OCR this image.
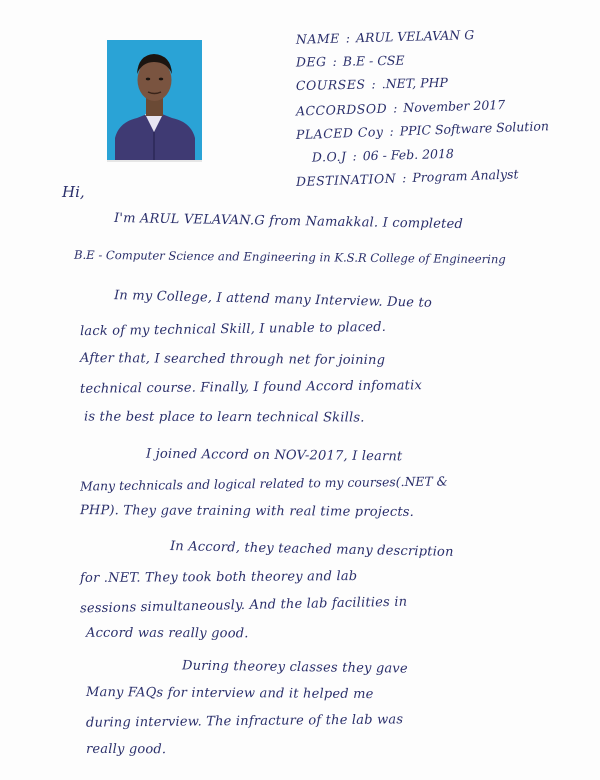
NAME : ARUL VELAVAN G
DEG : B.E - CSE
COURSES : .NET, PHP
ACCORDSOD : November 2017
PLACED Coy : PPIC Software Solution
D.O.J : 06 - Feb. 2018
DESTINATION : Program Analyst
Hi,
I'm ARUL VELAVAN.G from Namakkal. I completed
B.E - Computer Science and Engineering in K.S.R College of Engineering
In my College, I attend many Interview. Due to
lack of my technical Skill, I unable to placed.
After that, I searched through net for joining
technical course. Finally, I found Accord infomatix
is the best place to learn technical Skills.
I joined Accord on NOV-2017, I learnt
Many technicals and logical related to my courses(.NET &
PHP). They gave training with real time projects.
In Accord, they teached many description
for .NET. They took both theorey and lab
sessions simultaneously. And the lab facilities in
Accord was really good.
During theorey classes they gave
Many FAQs for interview and it helped me
during interview. The infracture of the lab was
really good.
